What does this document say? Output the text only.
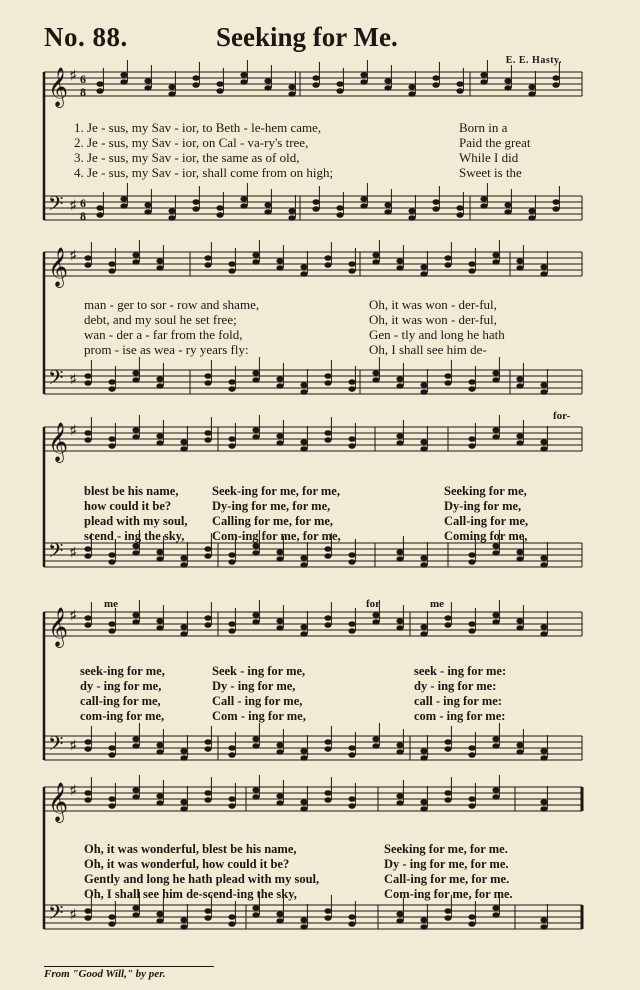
No. 88.	Seeking for Me.
E. E. Hasty.
𝄞 ♯ 6
8
𝄢 ♯ 6
8
1. Je - sus, my Sav - ior, to Beth - le-hem came,	Born in a
2. Je - sus, my Sav - ior, on Cal - va-ry's tree,	Paid the great
3. Je - sus, my Sav - ior, the same as of old,	While I did
4. Je - sus, my Sav - ior, shall come from on high;	Sweet is the
𝄞 ♯
𝄢 ♯
man - ger to sor - row and shame,	Oh, it was won - der-ful,
debt, and my soul he set free;	Oh, it was won - der-ful,
wan - der a - far from the fold,	Gen - tly and long he hath
prom - ise as wea - ry years fly:	Oh, I shall see him de-
for-
𝄞 ♯
𝄢 ♯
blest be his name,	Seek-ing for me, for me,	Seeking for me,
how could it be?	Dy-ing for me, for me,	Dy-ing for me,
plead with my soul, Calling for me, for me,	Call-ing for me,
scend - ing the sky, Com-ing for me, for me,	Coming for me,
me	for	me
𝄞 ♯
𝄢 ♯
seek-ing for me,	Seek - ing for me,	seek - ing for me:
dy - ing for me,	Dy - ing for me,	dy - ing for me:
call-ing for me,	Call - ing for me,	call - ing for me:
com-ing for me,	Com - ing for me,	com - ing for me:
𝄞 ♯
𝄢 ♯
Oh, it was wonderful, blest be his name,	Seeking for me, for me.
Oh, it was wonderful, how could it be?	Dy - ing for me, for me.
Gently and long he hath plead with my soul,	Call-ing for me, for me.
Oh, I shall see him de-scend-ing the sky,	Com-ing for me, for me.
From "Good Will," by per.
